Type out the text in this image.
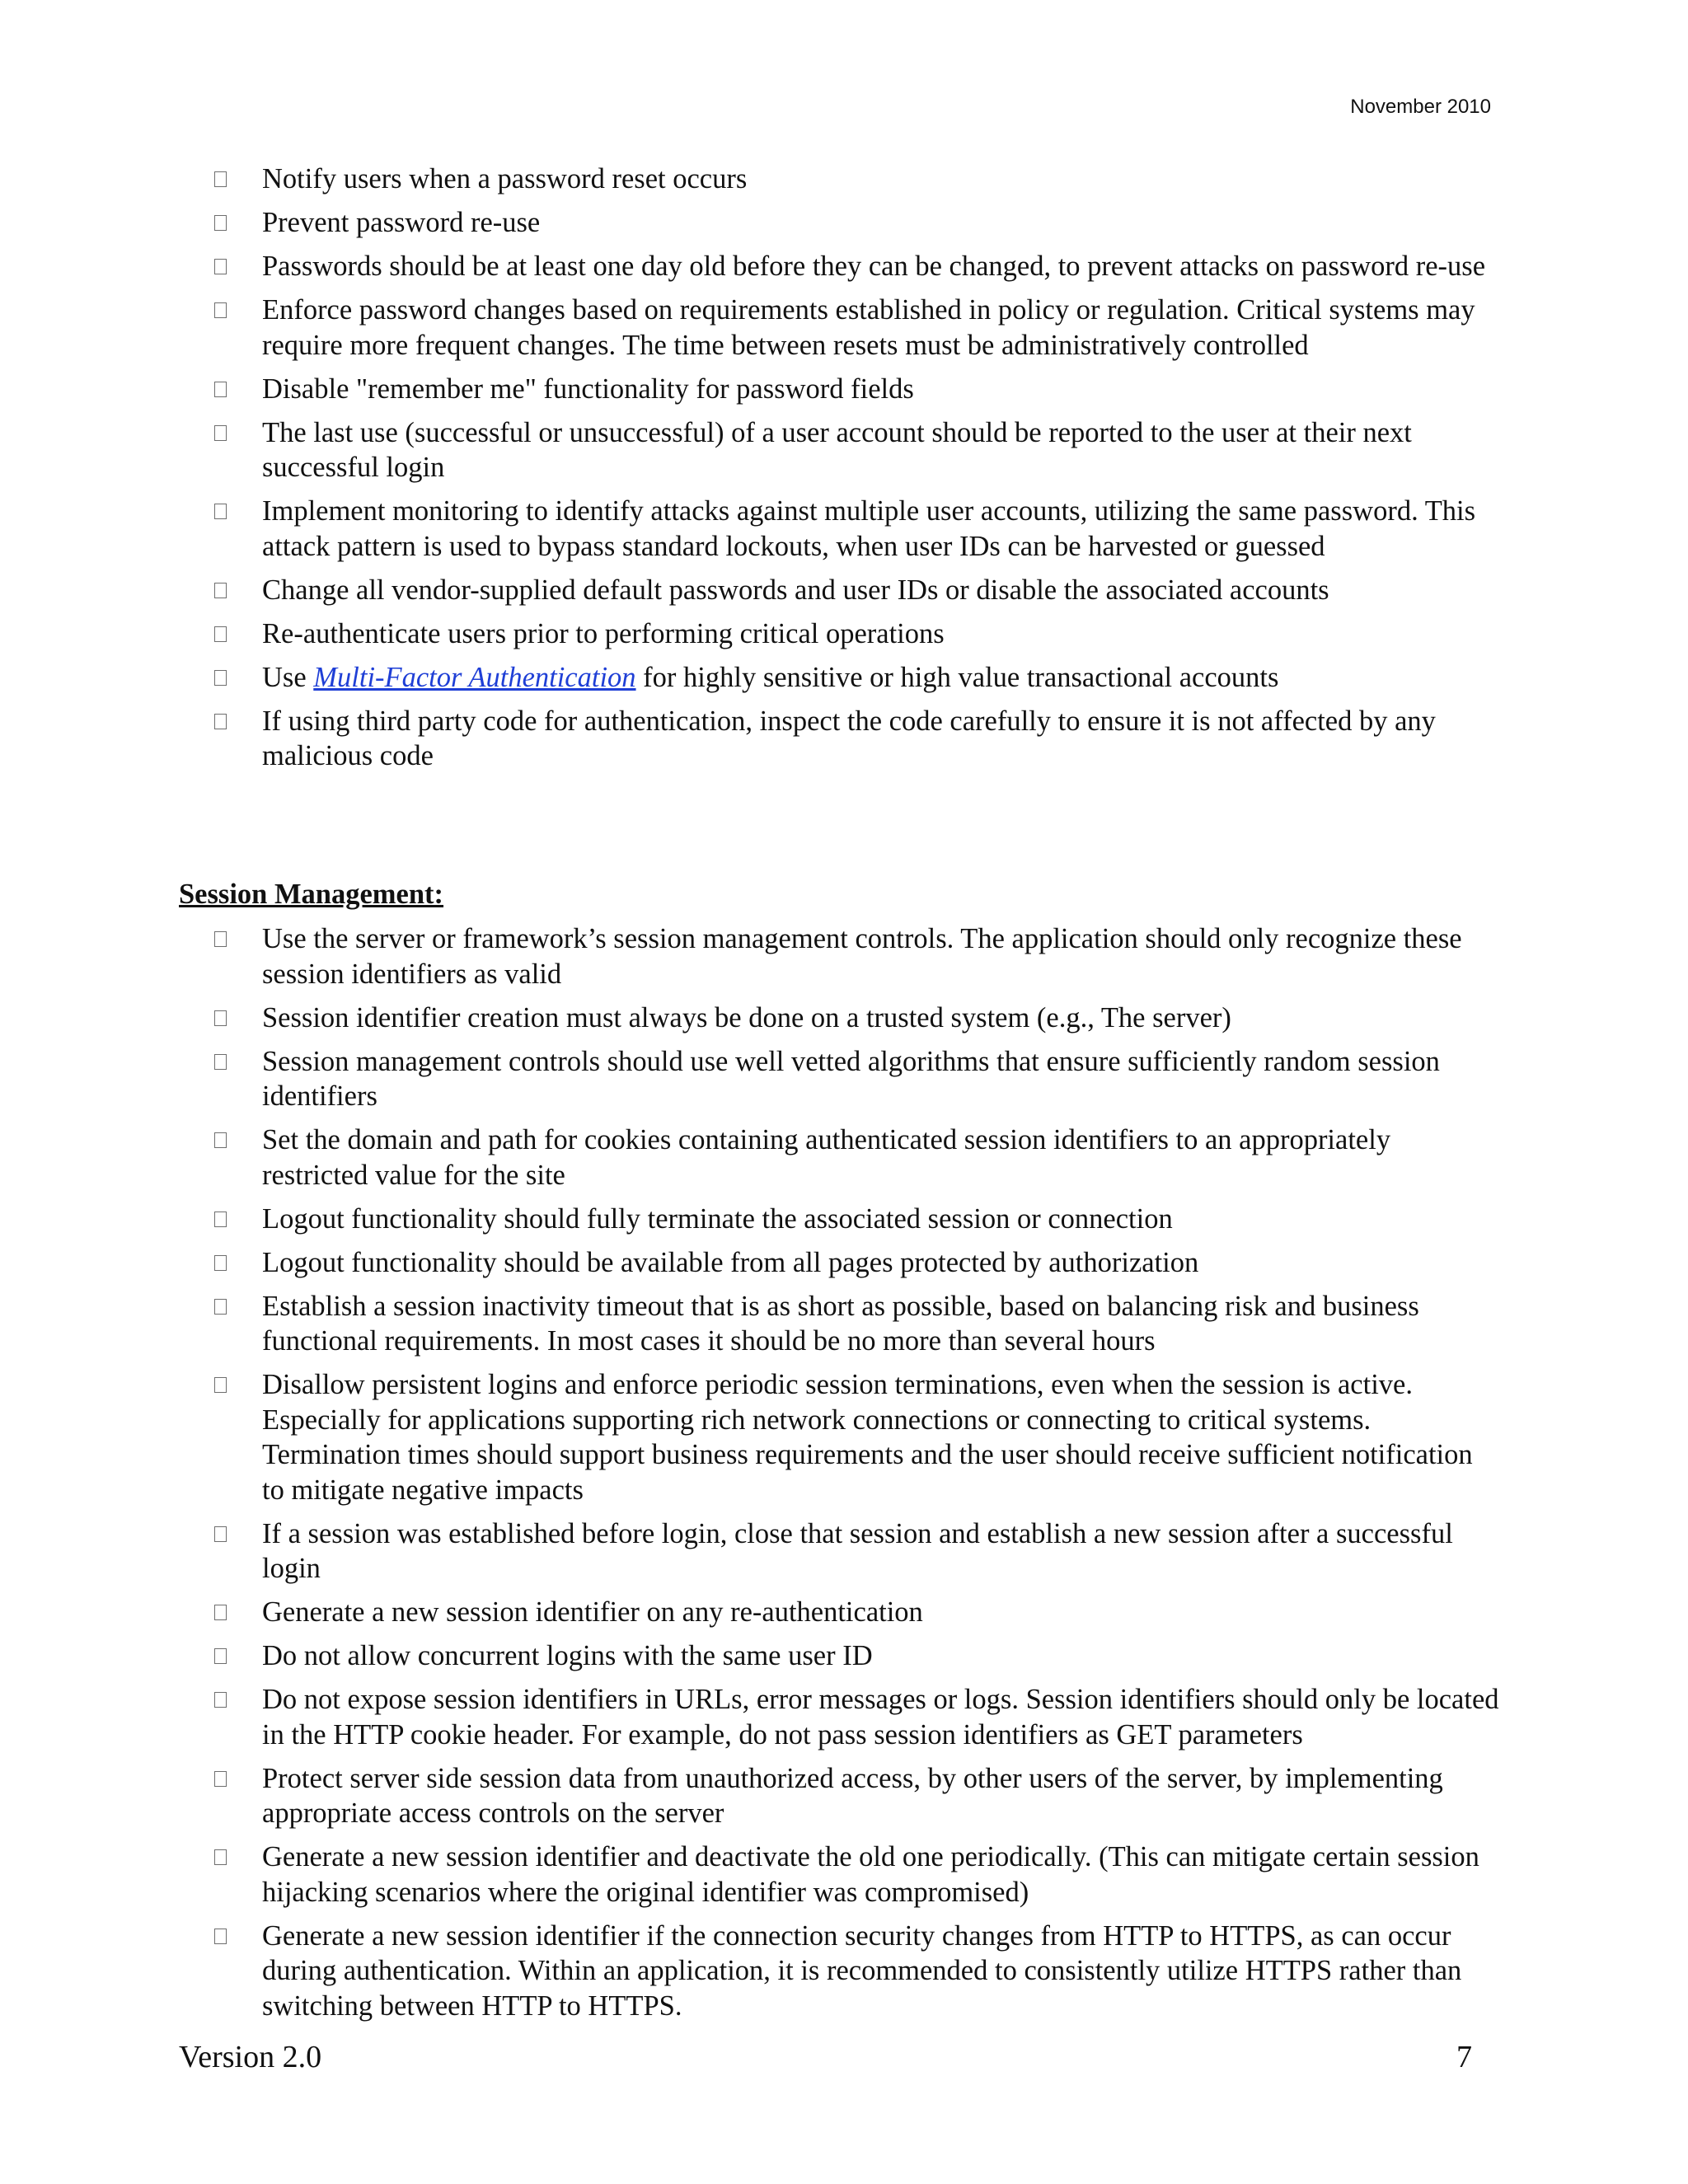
November 2010
Notify users when a password reset occurs
Prevent password re-use
Passwords should be at least one day old before they can be changed, to prevent attacks on password re-use
Enforce password changes based on requirements established in policy or regulation. Critical systems may require more frequent changes. The time between resets must be administratively controlled
Disable "remember me" functionality for password fields
The last use (successful or unsuccessful) of a user account should be reported to the user at their next successful login
Implement monitoring to identify attacks against multiple user accounts, utilizing the same password. This attack pattern is used to bypass standard lockouts, when user IDs can be harvested or guessed
Change all vendor-supplied default passwords and user IDs or disable the associated accounts
Re-authenticate users prior to performing critical operations
Use Multi-Factor Authentication for highly sensitive or high value transactional accounts
If using third party code for authentication, inspect the code carefully to ensure it is not affected by any malicious code
Session Management:
Use the server or framework’s session management controls. The application should only recognize these session identifiers as valid
Session identifier creation must always be done on a trusted system (e.g., The server)
Session management controls should use well vetted algorithms that ensure sufficiently random session identifiers
Set the domain and path for cookies containing authenticated session identifiers to an appropriately restricted value for the site
Logout functionality should fully terminate the associated session or connection
Logout functionality should be available from all pages protected by authorization
Establish a session inactivity timeout that is as short as possible, based on balancing risk and business functional requirements. In most cases it should be no more than several hours
Disallow persistent logins and enforce periodic session terminations, even when the session is active. Especially for applications supporting rich network connections or connecting to critical systems. Termination times should support business requirements and the user should receive sufficient notification to mitigate negative impacts
If a session was established before login, close that session and establish a new session after a successful login
Generate a new session identifier on any re-authentication
Do not allow concurrent logins with the same user ID
Do not expose session identifiers in URLs, error messages or logs. Session identifiers should only be located in the HTTP cookie header. For example, do not pass session identifiers as GET parameters
Protect server side session data from unauthorized access, by other users of the server, by implementing appropriate access controls on the server
Generate a new session identifier and deactivate the old one periodically. (This can mitigate certain session hijacking scenarios where the original identifier was compromised)
Generate a new session identifier if the connection security changes from HTTP to HTTPS, as can occur during authentication. Within an application, it is recommended to consistently utilize HTTPS rather than switching between HTTP to HTTPS.
Version 2.0	7
